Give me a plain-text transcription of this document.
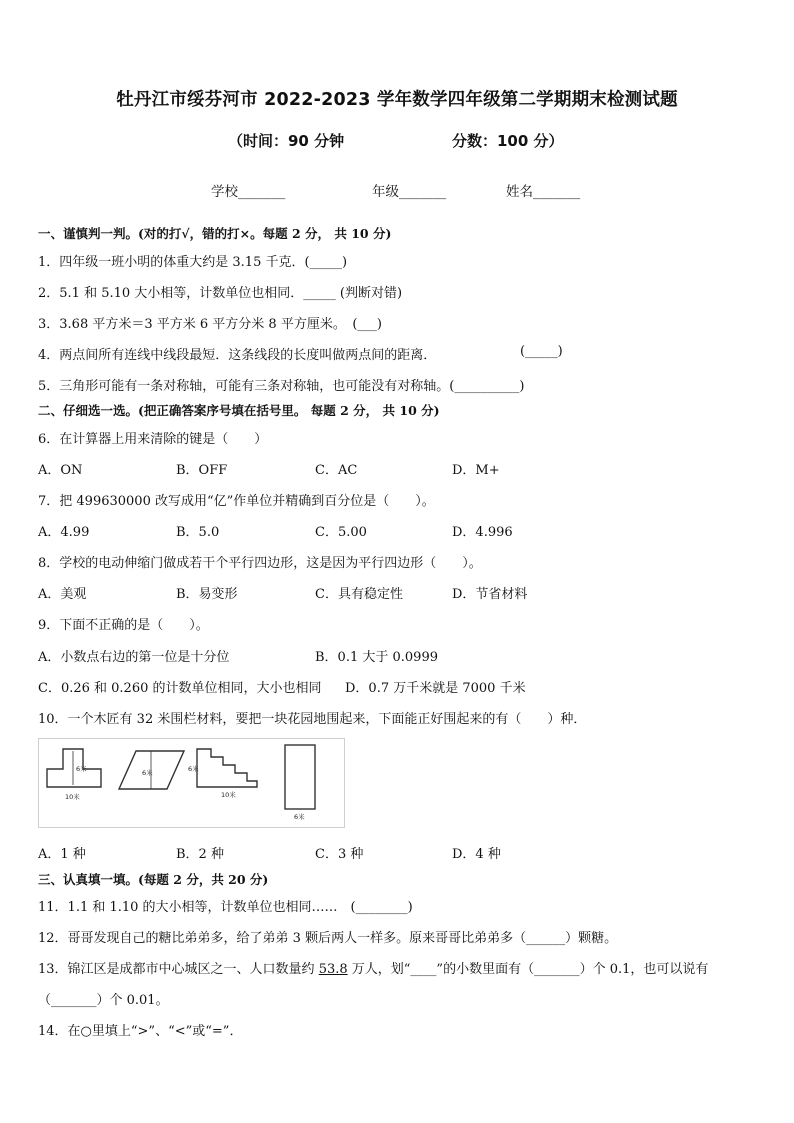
牡丹江市绥芬河市 2022-2023 学年数学四年级第二学期期末检测试题
（时间：90 分钟	分数：100 分）
学校_______	年级_______	姓名_______
一、谨慎判一判。(对的打√，错的打×。每题 2 分， 共 10 分)
1．四年级一班小明的体重大约是 3.15 千克．(_____)
2．5.1 和 5.10 大小相等，计数单位也相同．_____ (判断对错)
3．3.68 平方米＝3 平方米 6 平方分米 8 平方厘米。　(___)
4．两点间所有连线中线段最短．这条线段的长度叫做两点间的距离．	(_____)
5．三角形可能有一条对称轴，可能有三条对称轴，也可能没有对称轴。(__________)
二、仔细选一选。(把正确答案序号填在括号里。 每题 2 分， 共 10 分)
6．在计算器上用来清除的键是（　　）
A．ON	B．OFF	C．AC	D．M+
7．把 499630000 改写成用“亿”作单位并精确到百分位是（　　）。
A．4.99	B．5.0	C．5.00	D．4.996
8．学校的电动伸缩门做成若干个平行四边形，这是因为平行四边形（　　）。
A．美观	B．易变形	C．具有稳定性	D．节省材料
9．下面不正确的是（　　）。
A．小数点右边的第一位是十分位	B．0.1 大于 0.0999
C．0.26 和 0.260 的计数单位相同，大小也相同 D．0.7 万千米就是 7000 千米
10．一个木匠有 32 米围栏材料，要把一块花园地围起来，下面能正好围起来的有（　　）种．
6米
10米
6米	6米
10米
6米
A．1 种	B．2 种	C．3 种	D．4 种
三、认真填一填。(每题 2 分，共 20 分)
11．1.1 和 1.10 的大小相等，计数单位也相同……　(________)
12．哥哥发现自己的糖比弟弟多，给了弟弟 3 颗后两人一样多。原来哥哥比弟弟多（______）颗糖。
13．锦江区是成都市中心城区之一、人口数量约 53.8 万人，划“____”的小数里面有（_______）个 0.1，也可以说有
（_______）个 0.01。
14．在○里填上“>”、“<”或“=”．
